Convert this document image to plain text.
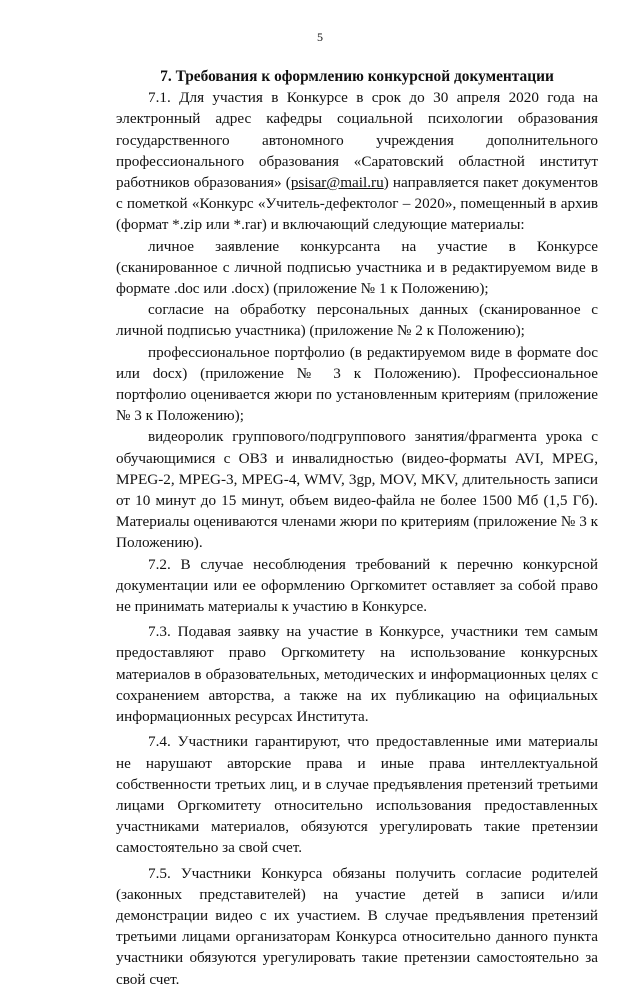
5

7. Требования к оформлению конкурсной документации

7.1. Для участия в Конкурсе в срок до 30 апреля 2020 года на электронный адрес кафедры социальной психологии образования государственного автономного учреждения дополнительного профессионального образования «Саратовский областной институт работников образования» (psisar@mail.ru) направляется пакет документов с пометкой «Конкурс «Учитель-дефектолог – 2020», помещенный в архив (формат *.zip или *.rar) и включающий следующие материалы:

личное заявление конкурсанта на участие в Конкурсе (сканированное с личной подписью участника и в редактируемом виде в формате .doc или .docx) (приложение № 1 к Положению);

согласие на обработку персональных данных (сканированное с личной подписью участника) (приложение № 2 к Положению);

профессиональное портфолио (в редактируемом виде в формате doc или docx) (приложение № 3 к Положению). Профессиональное портфолио оценивается жюри по установленным критериям (приложение № 3 к Положению);

видеоролик группового/подгруппового занятия/фрагмента урока с обучающимися с ОВЗ и инвалидностью (видео-форматы AVI, MPEG, MPEG-2, MPEG-3, MPEG-4, WMV, 3gp, MOV, MKV, длительность записи от 10 минут до 15 минут, объем видео-файла не более 1500 Мб (1,5 Гб). Материалы оцениваются членами жюри по критериям (приложение № 3 к Положению).

7.2. В случае несоблюдения требований к перечню конкурсной документации или ее оформлению Оргкомитет оставляет за собой право не принимать материалы к участию в Конкурсе.

7.3. Подавая заявку на участие в Конкурсе, участники тем самым предоставляют право Оргкомитету на использование конкурсных материалов в образовательных, методических и информационных целях с сохранением авторства, а также на их публикацию на официальных информационных ресурсах Института.

7.4. Участники гарантируют, что предоставленные ими материалы не нарушают авторские права и иные права интеллектуальной собственности третьих лиц, и в случае предъявления претензий третьими лицами Оргкомитету относительно использования предоставленных участниками материалов, обязуются урегулировать такие претензии самостоятельно за свой счет.

7.5. Участники Конкурса обязаны получить согласие родителей (законных представителей) на участие детей в записи и/или демонстрации видео с их участием. В случае предъявления претензий третьими лицами организаторам Конкурса относительно данного пункта участники обязуются урегулировать такие претензии самостоятельно за свой счет.
